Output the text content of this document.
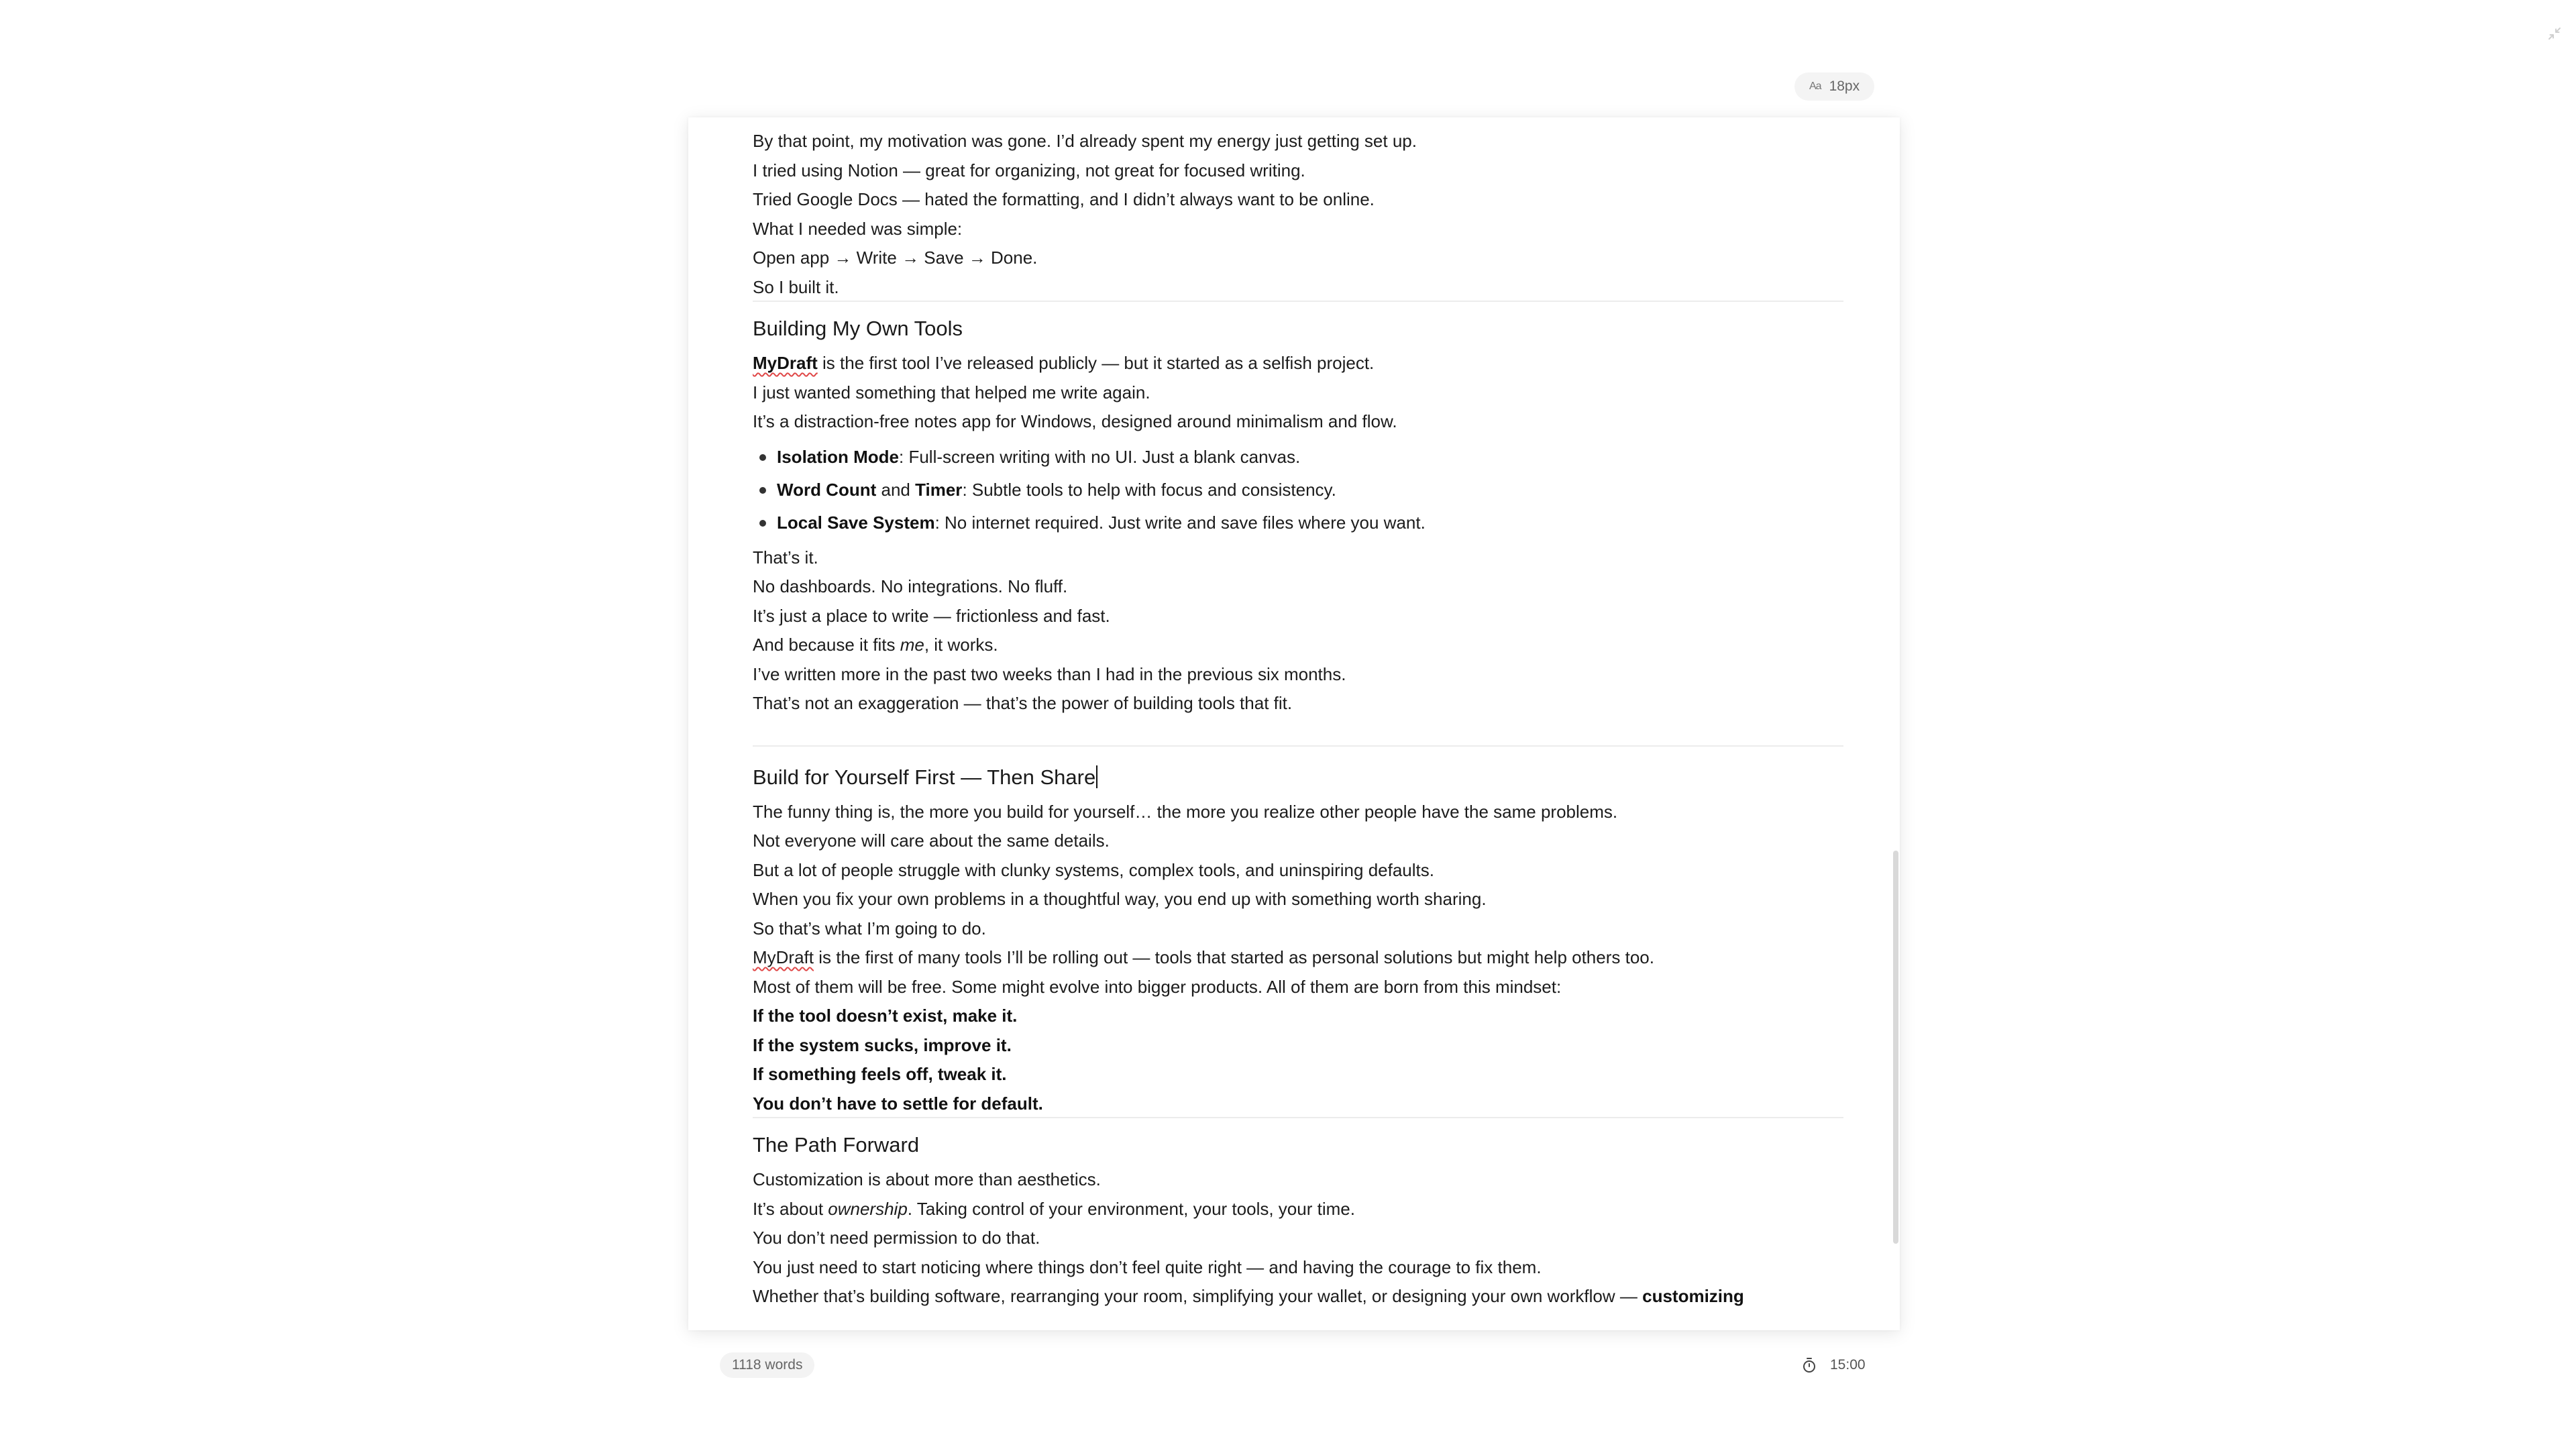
Aa 18px

By that point, my motivation was gone. I’d already spent my energy just getting set up.

I tried using Notion — great for organizing, not great for focused writing.

Tried Google Docs — hated the formatting, and I didn’t always want to be online.

What I needed was simple:

Open app → Write → Save → Done.

So I built it.

Building My Own Tools

MyDraft is the first tool I’ve released publicly — but it started as a selfish project.

I just wanted something that helped me write again.

It’s a distraction-free notes app for Windows, designed around minimalism and flow.

Isolation Mode: Full-screen writing with no UI. Just a blank canvas.
Word Count and Timer: Subtle tools to help with focus and consistency.
Local Save System: No internet required. Just write and save files where you want.

That’s it.

No dashboards. No integrations. No fluff.

It’s just a place to write — frictionless and fast.

And because it fits me, it works.

I’ve written more in the past two weeks than I had in the previous six months.

That’s not an exaggeration — that’s the power of building tools that fit.

Build for Yourself First — Then Share

The funny thing is, the more you build for yourself… the more you realize other people have the same problems.

Not everyone will care about the same details.

But a lot of people struggle with clunky systems, complex tools, and uninspiring defaults.

When you fix your own problems in a thoughtful way, you end up with something worth sharing.

So that’s what I’m going to do.

MyDraft is the first of many tools I’ll be rolling out — tools that started as personal solutions but might help others too.

Most of them will be free. Some might evolve into bigger products. All of them are born from this mindset:

If the tool doesn’t exist, make it.

If the system sucks, improve it.

If something feels off, tweak it.

You don’t have to settle for default.

The Path Forward

Customization is about more than aesthetics.

It’s about ownership. Taking control of your environment, your tools, your time.

You don’t need permission to do that.

You just need to start noticing where things don’t feel quite right — and having the courage to fix them.

Whether that’s building software, rearranging your room, simplifying your wallet, or designing your own workflow — customizing

1118 words	15:00
